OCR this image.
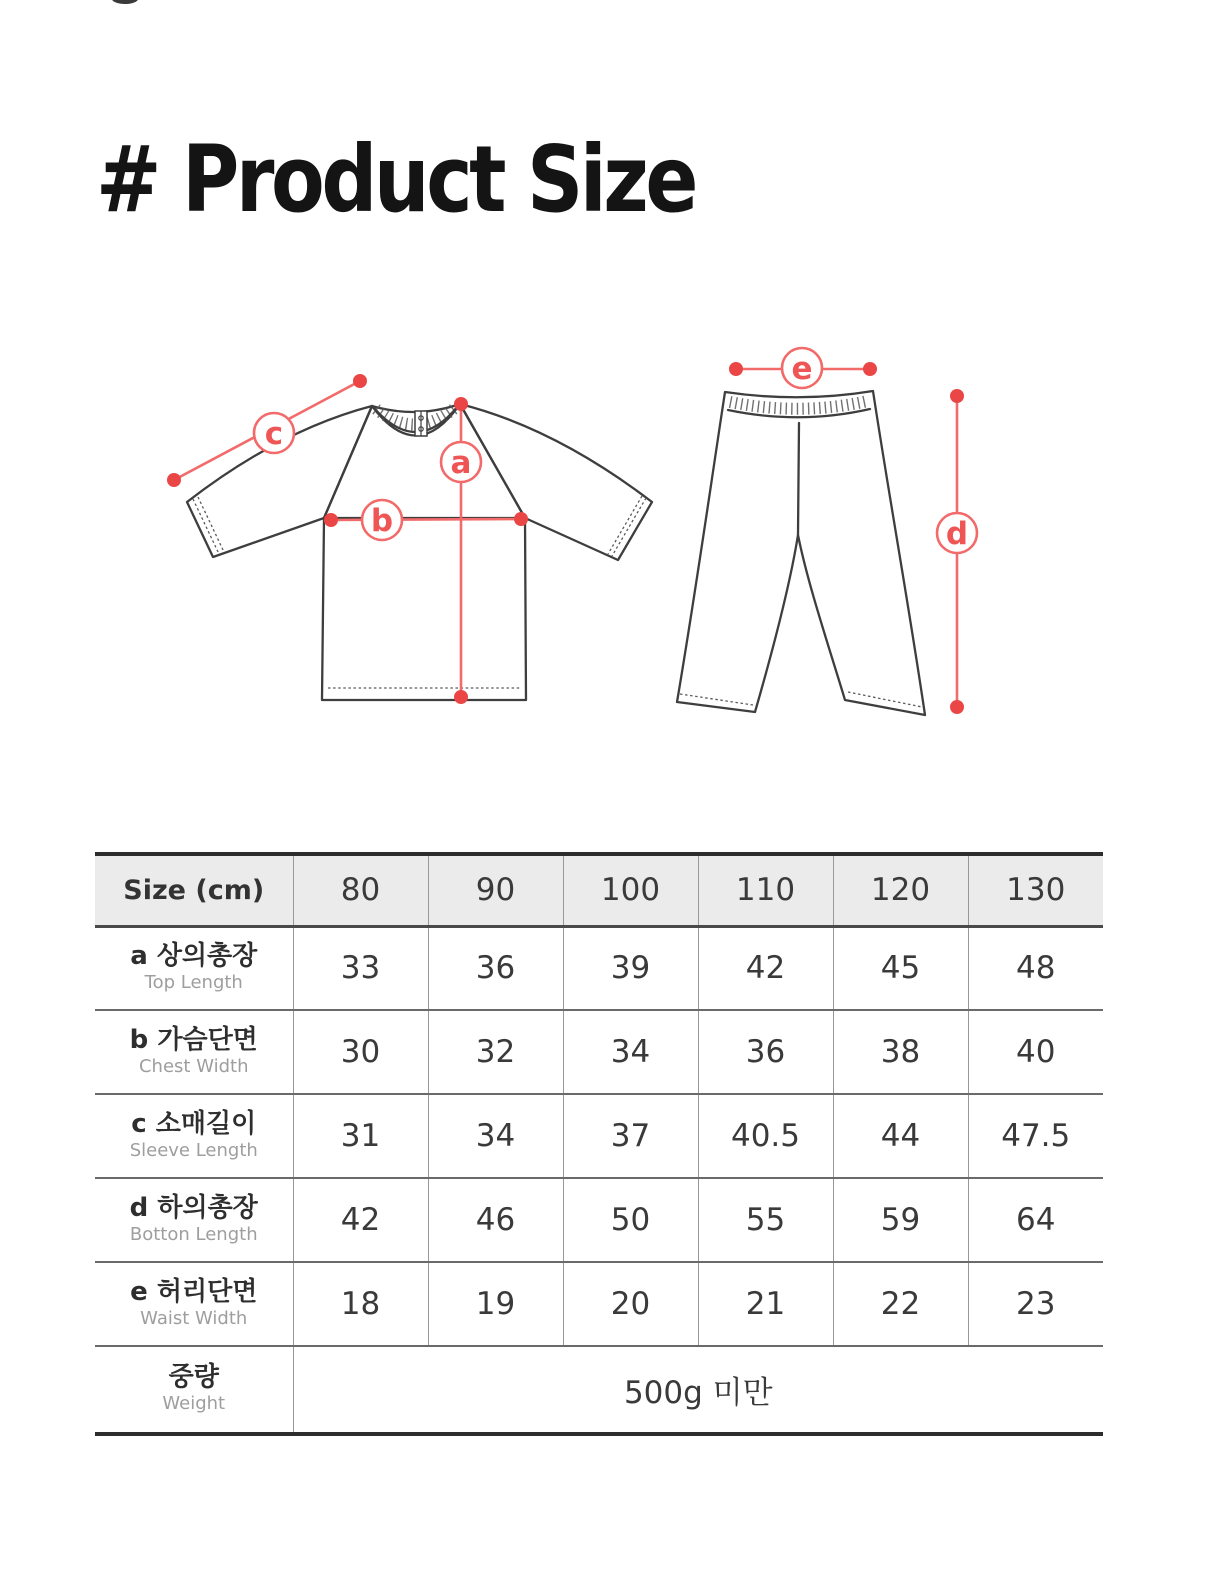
# Product Size
c
a
b
e
d
Size (cm)	80	90	100	110	120	130

a 상의총장
Top Length	33	36	39	42	45	48

b 가슴단면
Chest Width	30	32	34	36	38	40

c 소매길이
Sleeve Length	31	34	37	40.5	44	47.5

d 하의총장
Botton Length	42	46	50	55	59	64

e 허리단면
Waist Width	18	19	20	21	22	23

중량
Weight	500g 미만					
